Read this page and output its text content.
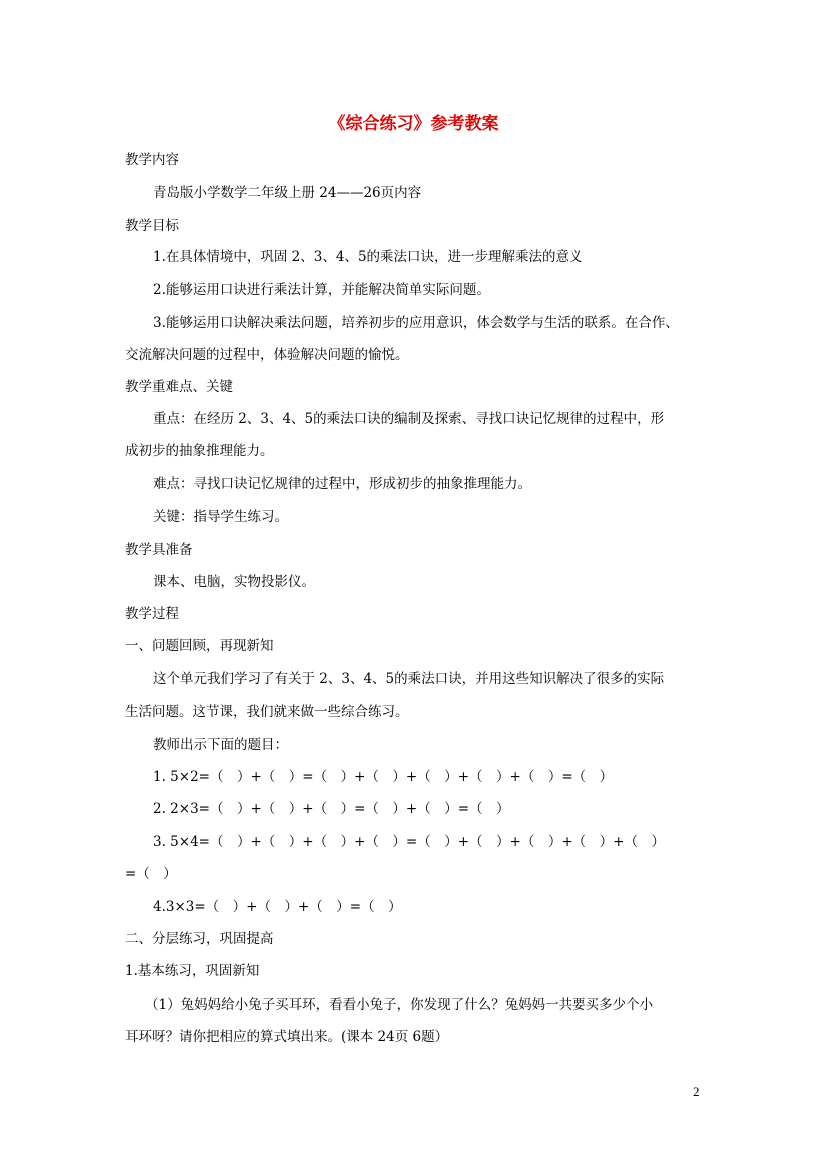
《综合练习》参考教案
教学内容
青岛版小学数学二年级上册 24——26页内容
教学目标
1.在具体情境中，巩固 2、3、4、5的乘法口诀，进一步理解乘法的意义
2.能够运用口诀进行乘法计算，并能解决简单实际问题。
3.能够运用口诀解决乘法问题，培养初步的应用意识，体会数学与生活的联系。在合作、
交流解决问题的过程中，体验解决问题的愉悦。
教学重难点、关键
重点：在经历 2、3、4、5的乘法口诀的编制及探索、寻找口诀记忆规律的过程中，形
成初步的抽象推理能力。
难点：寻找口诀记忆规律的过程中，形成初步的抽象推理能力。
关键：指导学生练习。
教学具准备
课本、电脑，实物投影仪。
教学过程
一、问题回顾，再现新知
这个单元我们学习了有关于 2、3、4、5的乘法口诀，并用这些知识解决了很多的实际
生活问题。这节课，我们就来做一些综合练习。
教师出示下面的题目：
1. 5×2=（　）+（　）=（　）+（　）+（　）+（　）+（　）=（　）
2. 2×3=（　）+（　）+（　）=（　）+（　）=（　）
3. 5×4=（　）+（　）+（　）+（　）=（　）+（　）+（　）+（　）+（　）
=（　）
4.3×3=（　）+（　）+（　）=（　）
二、分层练习，巩固提高
1.基本练习，巩固新知
（1）兔妈妈给小兔子买耳环，看看小兔子，你发现了什么？兔妈妈一共要买多少个小
耳环呀？请你把相应的算式填出来。(课本 24页 6题）
2
